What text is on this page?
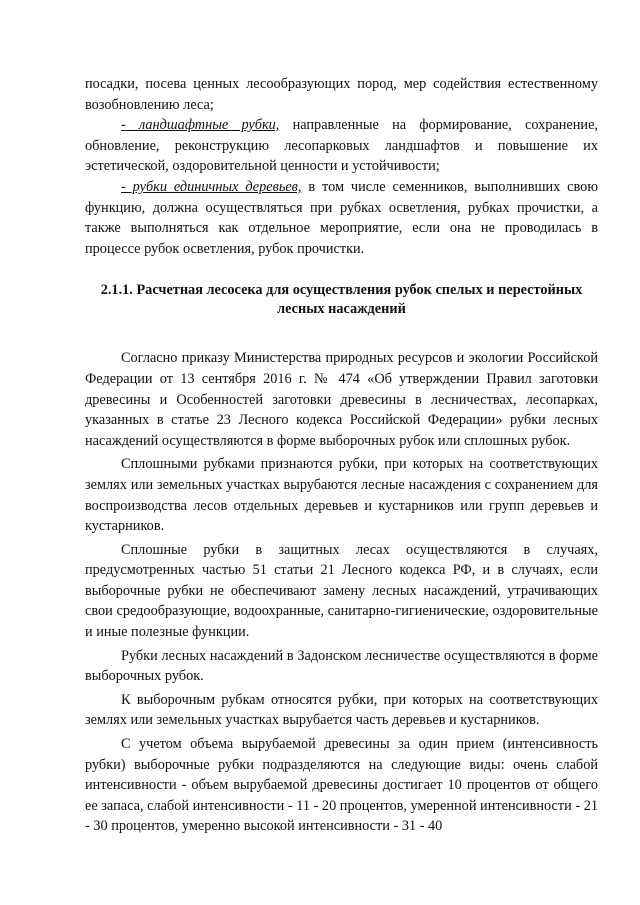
посадки, посева ценных лесообразующих пород, мер содействия естественному возобновлению леса;

- ландшафтные рубки, направленные на формирование, сохранение, обновление, реконструкцию лесопарковых ландшафтов и повышение их эстетической, оздоровительной ценности и устойчивости;

- рубки единичных деревьев, в том числе семенников, выполнивших свою функцию, должна осуществляться при рубках осветления, рубках прочистки, а также выполняться как отдельное мероприятие, если она не проводилась в процессе рубок осветления, рубок прочистки.

2.1.1. Расчетная лесосека для осуществления рубок спелых и перестойных лесных насаждений

Согласно приказу Министерства природных ресурсов и экологии Российской Федерации от 13 сентября 2016 г. № 474 «Об утверждении Правил заготовки древесины и Особенностей заготовки древесины в лесничествах, лесопарках, указанных в статье 23 Лесного кодекса Российской Федерации» рубки лесных насаждений осуществляются в форме выборочных рубок или сплошных рубок.

Сплошными рубками признаются рубки, при которых на соответствующих землях или земельных участках вырубаются лесные насаждения с сохранением для воспроизводства лесов отдельных деревьев и кустарников или групп деревьев и кустарников.

Сплошные рубки в защитных лесах осуществляются в случаях, предусмотренных частью 51 статьи 21 Лесного кодекса РФ, и в случаях, если выборочные рубки не обеспечивают замену лесных насаждений, утрачивающих свои средообразующие, водоохранные, санитарно-гигиенические, оздоровительные и иные полезные функции.

Рубки лесных насаждений в Задонском лесничестве осуществляются в форме выборочных рубок.

К выборочным рубкам относятся рубки, при которых на соответствующих землях или земельных участках вырубается часть деревьев и кустарников.

С учетом объема вырубаемой древесины за один прием (интенсивность рубки) выборочные рубки подразделяются на следующие виды: очень слабой интенсивности - объем вырубаемой древесины достигает 10 процентов от общего ее запаса, слабой интенсивности - 11 - 20 процентов, умеренной интенсивности - 21 - 30 процентов, умеренно высокой интенсивности - 31 - 40
